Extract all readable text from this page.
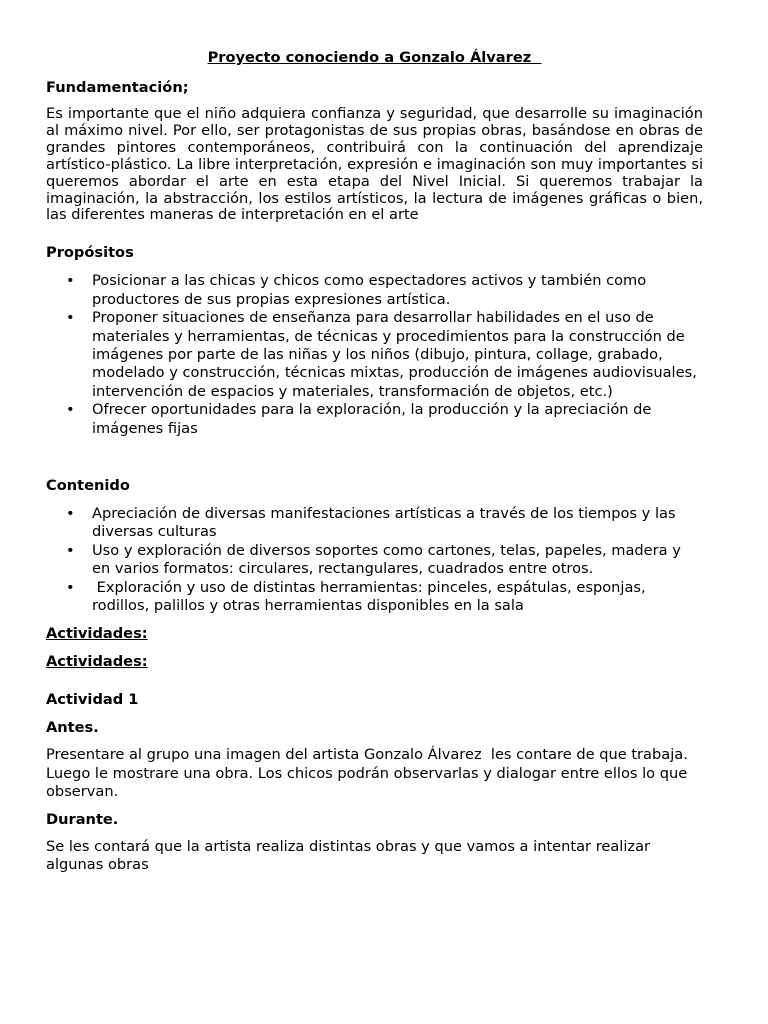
Proyecto conociendo a Gonzalo Álvarez

Fundamentación;

Es importante que el niño adquiera confianza y seguridad, que desarrolle su imaginación al máximo nivel. Por ello, ser protagonistas de sus propias obras, basándose en obras de grandes pintores contemporáneos, contribuirá con la continuación del aprendizaje artístico-plástico. La libre interpretación, expresión e imaginación son muy importantes si queremos abordar el arte en esta etapa del Nivel Inicial. Si queremos trabajar la imaginación, la abstracción, los estilos artísticos, la lectura de imágenes gráficas o bien, las diferentes maneras de interpretación en el arte

Propósitos

• Posicionar a las chicas y chicos como espectadores activos y también como productores de sus propias expresiones artística.
• Proponer situaciones de enseñanza para desarrollar habilidades en el uso de materiales y herramientas, de técnicas y procedimientos para la construcción de imágenes por parte de las niñas y los niños (dibujo, pintura, collage, grabado, modelado y construcción, técnicas mixtas, producción de imágenes audiovisuales, intervención de espacios y materiales, transformación de objetos, etc.)
• Ofrecer oportunidades para la exploración, la producción y la apreciación de imágenes fijas

Contenido

• Apreciación de diversas manifestaciones artísticas a través de los tiempos y las diversas culturas
• Uso y exploración de diversos soportes como cartones, telas, papeles, madera y en varios formatos: circulares, rectangulares, cuadrados entre otros.
• Exploración y uso de distintas herramientas: pinceles, espátulas, esponjas, rodillos, palillos y otras herramientas disponibles en la sala

Actividades:

Actividades:

Actividad 1

Antes.

Presentare al grupo una imagen del artista Gonzalo Álvarez  les contare de que trabaja. Luego le mostrare una obra. Los chicos podrán observarlas y dialogar entre ellos lo que observan.

Durante.

Se les contará que la artista realiza distintas obras y que vamos a intentar realizar algunas obras
